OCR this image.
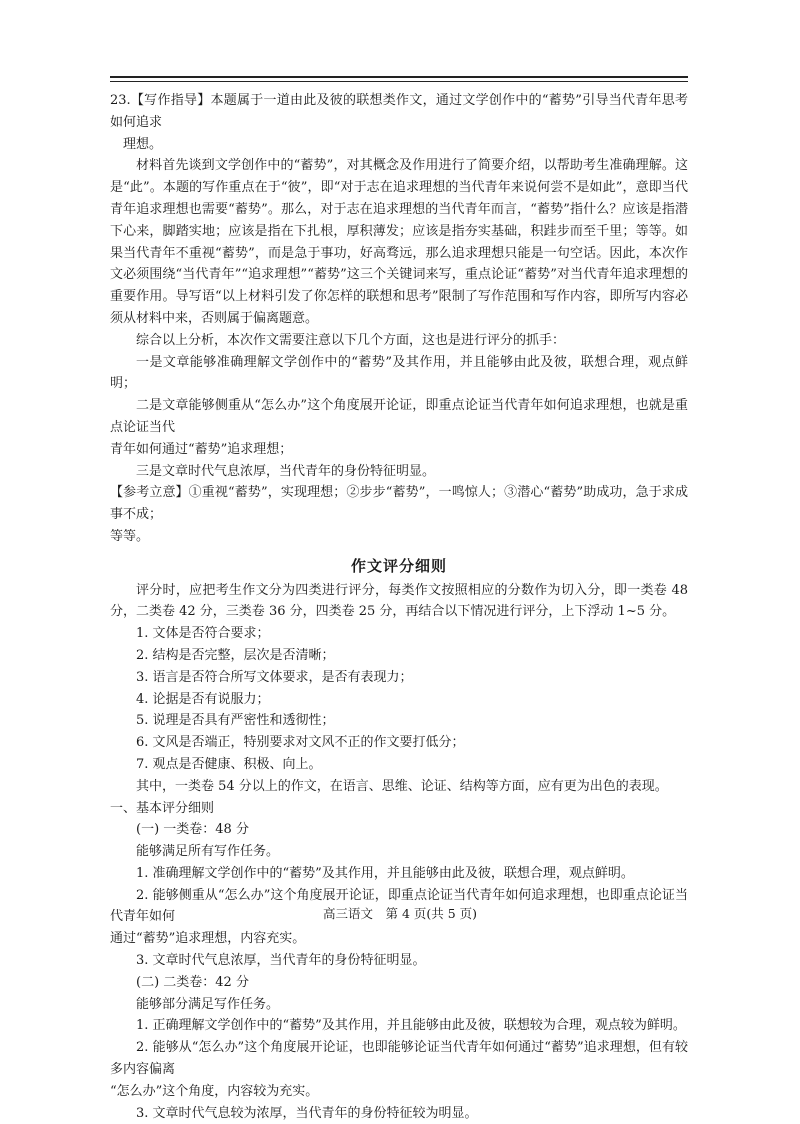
23.【写作指导】本题属于一道由此及彼的联想类作文，通过文学创作中的“蓄势”引导当代青年思考如何追求

理想。

材料首先谈到文学创作中的“蓄势”，对其概念及作用进行了简要介绍，以帮助考生准确理解。这是“此”。本题的写作重点在于“彼”，即“对于志在追求理想的当代青年来说何尝不是如此”，意即当代青年追求理想也需要“蓄势”。那么，对于志在追求理想的当代青年而言，“蓄势”指什么？应该是指潜下心来，脚踏实地；应该是指在下扎根，厚积薄发；应该是指夯实基础，积跬步而至千里；等等。如果当代青年不重视“蓄势”，而是急于事功，好高骛远，那么追求理想只能是一句空话。因此，本次作文必须围绕“当代青年”“追求理想”“蓄势”这三个关键词来写，重点论证“蓄势”对当代青年追求理想的重要作用。导写语“以上材料引发了你怎样的联想和思考”限制了写作范围和写作内容，即所写内容必须从材料中来，否则属于偏离题意。

综合以上分析，本次作文需要注意以下几个方面，这也是进行评分的抓手：

一是文章能够准确理解文学创作中的“蓄势”及其作用，并且能够由此及彼，联想合理，观点鲜明；

二是文章能够侧重从“怎么办”这个角度展开论证，即重点论证当代青年如何追求理想，也就是重点论证当代

青年如何通过“蓄势”追求理想；

三是文章时代气息浓厚，当代青年的身份特征明显。

【参考立意】①重视“蓄势”，实现理想；②步步“蓄势”，一鸣惊人；③潜心“蓄势”助成功，急于求成事不成；

等等。

作文评分细则

评分时，应把考生作文分为四类进行评分，每类作文按照相应的分数作为切入分，即一类卷 48 分，二类卷 42 分，三类卷 36 分，四类卷 25 分，再结合以下情况进行评分，上下浮动 1~5 分。

1. 文体是否符合要求；

2. 结构是否完整，层次是否清晰；

3. 语言是否符合所写文体要求，是否有表现力；

4. 论据是否有说服力；

5. 说理是否具有严密性和透彻性；

6. 文风是否端正，特别要求对文风不正的作文要打低分；

7. 观点是否健康、积极、向上。

其中，一类卷 54 分以上的作文，在语言、思维、论证、结构等方面，应有更为出色的表现。

一、基本评分细则

(一) 一类卷：48 分

能够满足所有写作任务。

1. 准确理解文学创作中的“蓄势”及其作用，并且能够由此及彼，联想合理，观点鲜明。

2. 能够侧重从“怎么办”这个角度展开论证，即重点论证当代青年如何追求理想，也即重点论证当代青年如何

通过“蓄势”追求理想，内容充实。

3. 文章时代气息浓厚，当代青年的身份特征明显。

(二) 二类卷：42 分

能够部分满足写作任务。

1. 正确理解文学创作中的“蓄势”及其作用，并且能够由此及彼，联想较为合理，观点较为鲜明。

2. 能够从“怎么办”这个角度展开论证，也即能够论证当代青年如何通过“蓄势”追求理想，但有较多内容偏离

“怎么办”这个角度，内容较为充实。

3. 文章时代气息较为浓厚，当代青年的身份特征较为明显。

高三语文　第 4 页(共 5 页)
